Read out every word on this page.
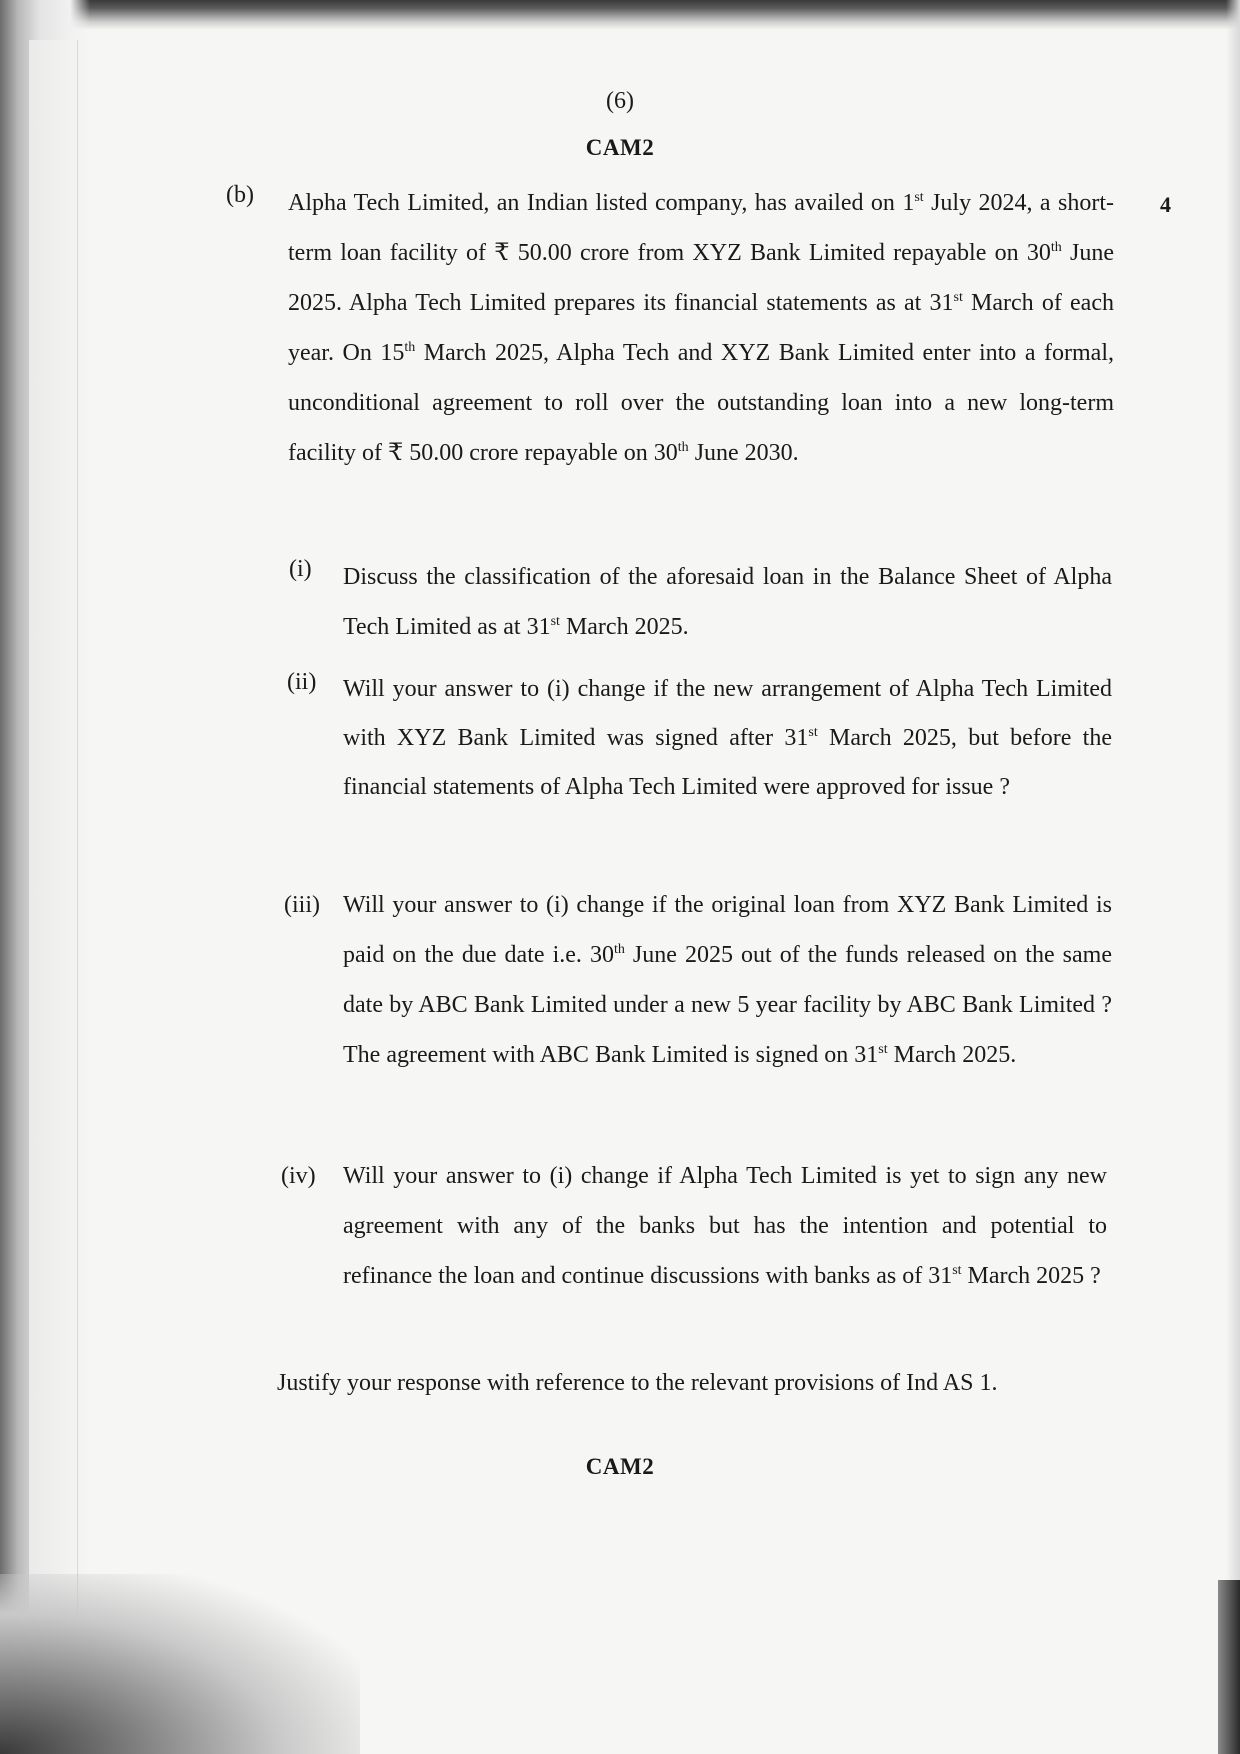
(6)
CAM2
(b)	4

Alpha Tech Limited, an Indian listed company, has availed on 1st July 2024, a short-term loan facility of ₹ 50.00 crore from XYZ Bank Limited repayable on 30th June 2025. Alpha Tech Limited prepares its financial statements as at 31st March of each year. On 15th March 2025, Alpha Tech and XYZ Bank Limited enter into a formal, unconditional agreement to roll over the outstanding loan into a new long-term facility of ₹ 50.00 crore repayable on 30th June 2030.

(i) Discuss the classification of the aforesaid loan in the Balance Sheet of Alpha Tech Limited as at 31st March 2025.

(ii) Will your answer to (i) change if the new arrangement of Alpha Tech Limited with XYZ Bank Limited was signed after 31st March 2025, but before the financial statements of Alpha Tech Limited were approved for issue ?

(iii) Will your answer to (i) change if the original loan from XYZ Bank Limited is paid on the due date i.e. 30th June 2025 out of the funds released on the same date by ABC Bank Limited under a new 5 year facility by ABC Bank Limited ? The agreement with ABC Bank Limited is signed on 31st March 2025.

(iv) Will your answer to (i) change if Alpha Tech Limited is yet to sign any new agreement with any of the banks but has the intention and potential to refinance the loan and continue discussions with banks as of 31st March 2025 ?

Justify your response with reference to the relevant provisions of Ind AS 1.
CAM2
